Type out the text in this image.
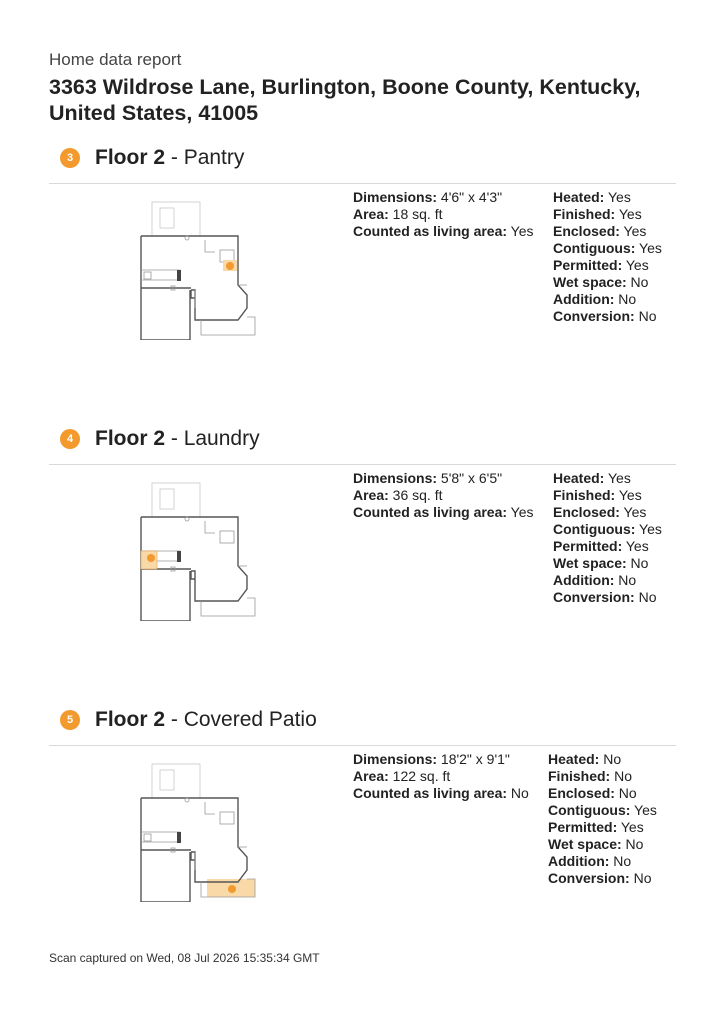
Home data report
3363 Wildrose Lane, Burlington, Boone County, Kentucky, United States, 41005
3	Floor 2 - Pantry
Dimensions: 4'6" x 4'3"
Area: 18 sq. ft
Counted as living area: Yes
Heated: Yes
Finished: Yes
Enclosed: Yes
Contiguous: Yes
Permitted: Yes
Wet space: No
Addition: No
Conversion: No
4	Floor 2 - Laundry
Dimensions: 5'8" x 6'5"
Area: 36 sq. ft
Counted as living area: Yes
Heated: Yes
Finished: Yes
Enclosed: Yes
Contiguous: Yes
Permitted: Yes
Wet space: No
Addition: No
Conversion: No
5	Floor 2 - Covered Patio
Dimensions: 18'2" x 9'1"
Area: 122 sq. ft
Counted as living area: No
Heated: No
Finished: No
Enclosed: No
Contiguous: Yes
Permitted: Yes
Wet space: No
Addition: No
Conversion: No
Scan captured on Wed, 08 Jul 2026 15:35:34 GMT
